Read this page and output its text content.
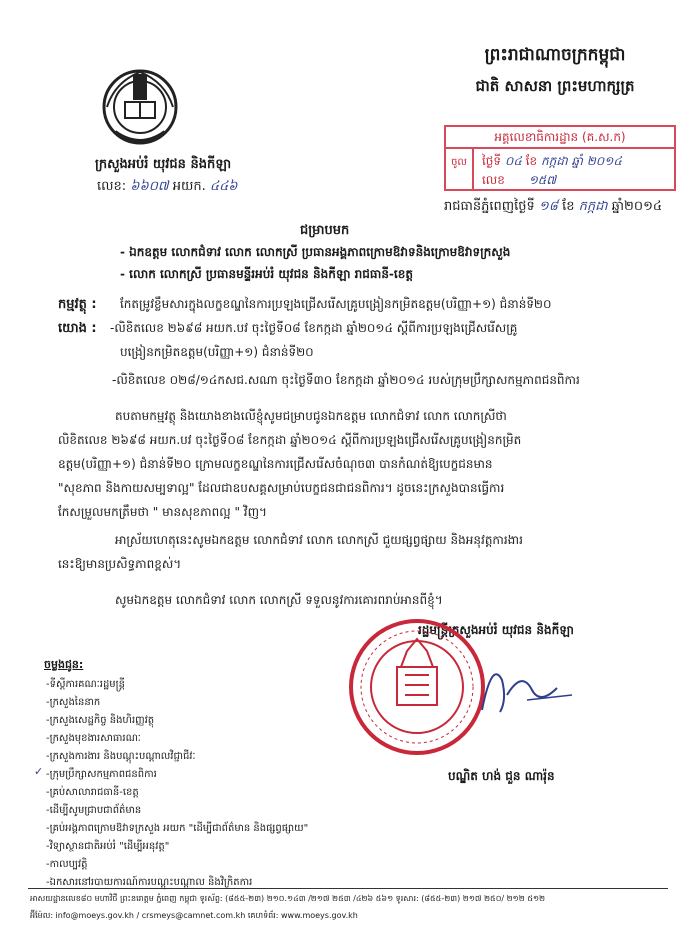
ព្រះរាជាណាចក្រកម្ពុជា
ជាតិ សាសនា ព្រះមហាក្សត្រ
ក្រសួងអប់រំ យុវជន និងកីឡា
លេខ: ៦៦០៧ អយក. ៤៤៦
អគ្គលេខាធិការដ្ឋាន (គ.ស.ក)
ចូល	ថ្ងៃទី ០៤ ខែ កក្កដា ឆ្នាំ ២០១៤
លេខ ១៥៧
រាជធានីភ្នំពេញថ្ងៃទី ១៨ ខែ កក្កដា ឆ្នាំ២០១៤
ជម្រាបមក
- ឯកឧត្តម លោកជំទាវ លោក លោកស្រី ប្រធានអង្គភាពក្រោមឱវាទនិងក្រោមឱវាទក្រសួង
- លោក លោកស្រី ប្រធានមន្ទីរអប់រំ យុវជន និងកីឡា រាជធានី-ខេត្ត
កម្មវត្ថុ : កែតម្រូវខ្លឹមសារក្នុងលក្ខខណ្ឌនៃការប្រឡងជ្រើសរើសគ្រូបង្រៀនកម្រិតឧត្ដម(បរិញ្ញា+១) ជំនាន់ទី២០
យោង : -លិខិតលេខ ២៦៩៨ អយក.បវ ចុះថ្ងៃទី០៨ ខែកក្កដា ឆ្នាំ២០១៤ ស្ដីពីការប្រឡងជ្រើសរើសគ្រូ
បង្រៀនកម្រិតឧត្ដម(បរិញ្ញា+១) ជំនាន់ទី២០
-លិខិតលេខ ០២៨/១៤កសជ.សណា ចុះថ្ងៃទី៣០ ខែកក្កដា ឆ្នាំ២០១៤ របស់ក្រុមប្រឹក្សាសកម្មភាពជនពិការ
តបតាមកម្មវត្ថុ និងយោងខាងលើខ្ញុំសូមជម្រាបជូនឯកឧត្តម លោកជំទាវ លោក លោកស្រីថា
លិខិតលេខ ២៦៩៨ អយក.បវ ចុះថ្ងៃទី០៨ ខែកក្កដា ឆ្នាំ២០១៤ ស្ដីពីការប្រឡងជ្រើសរើសគ្រូបង្រៀនកម្រិត
ឧត្តម(បរិញ្ញា+១) ជំនាន់ទី២០ ក្រោមលក្ខខណ្ឌនៃការជ្រើសរើសចំណុច៣ បានកំណត់ឱ្យបេក្ខជនមាន
"សុខភាព និងកាយសម្បទាល្អ" ដែលជាឧបសគ្គសម្រាប់បេក្ខជនជាជនពិការ។ ដូចនេះក្រសួងបានធ្វើការ
កែសម្រួលមកត្រឹមថា " មានសុខភាពល្អ " វិញ។
អាស្រ័យហេតុនេះសូមឯកឧត្ដម លោកជំទាវ លោក លោកស្រី ជួយផ្សព្វផ្សាយ និងអនុវត្តការងារ
នេះឱ្យមានប្រសិទ្ធភាពខ្ពស់។
សូមឯកឧត្តម លោកជំទាវ លោក លោកស្រី ទទួលនូវការគោរពរាប់អានពីខ្ញុំ។
រដ្ឋមន្ត្រីក្រសួងអប់រំ យុវជន និងកីឡា
បណ្ឌិត ហង់ ជួន ណារ៉ុន
ចម្លងជូន:
-ទីស្ដីការគណៈរដ្ឋមន្ត្រី
-ក្រសួងនៃនាក
-ក្រសួងសេដ្ឋកិច្ច និងហិរញ្ញវត្ថុ
-ក្រសួងមុខងារសាធារណៈ
-ក្រសួងការងារ និងបណ្ដុះបណ្ដាលវិជ្ជាជីវៈ
✓ -ក្រុមប្រឹក្សាសកម្មភាពជនពិការ
-គ្រប់សាលារាជធានី-ខេត្ត
-ដើម្បីសូមជ្រាបជាព័ត៌មាន
-គ្រប់អង្គភាពក្រោមឱវាទក្រសួង អយក "ដើម្បីជាព័ត៌មាន និងផ្សព្វផ្សាយ"
-វិទ្យាស្ថានជាតិអប់រំ "ដើម្បីអនុវត្ត"
-កាលប្បវត្តិ
-ឯកសារនៅរបាយការណ៍ការបណ្ដុះបណ្ដាល និងវិក្រិតការ
អាសយដ្ឋានលេខ៨០ មហាវិថី ព្រះនរោត្តម ភ្នំពេញ កម្ពុជា ទូរស័ព្ទ: (៨៥៥-២៣) ២១០.១៤៣ /២១៧ ២៥៣ /៤២៦ ៥៦១ ទូរសារ: (៨៥៥-២៣) ២១៧ ២៥០/ ២១២ ៥១២
អ៊ីម៉ែល: info@moeys.gov.kh / crsmeys@camnet.com.kh គេហទំព័រ: www.moeys.gov.kh
